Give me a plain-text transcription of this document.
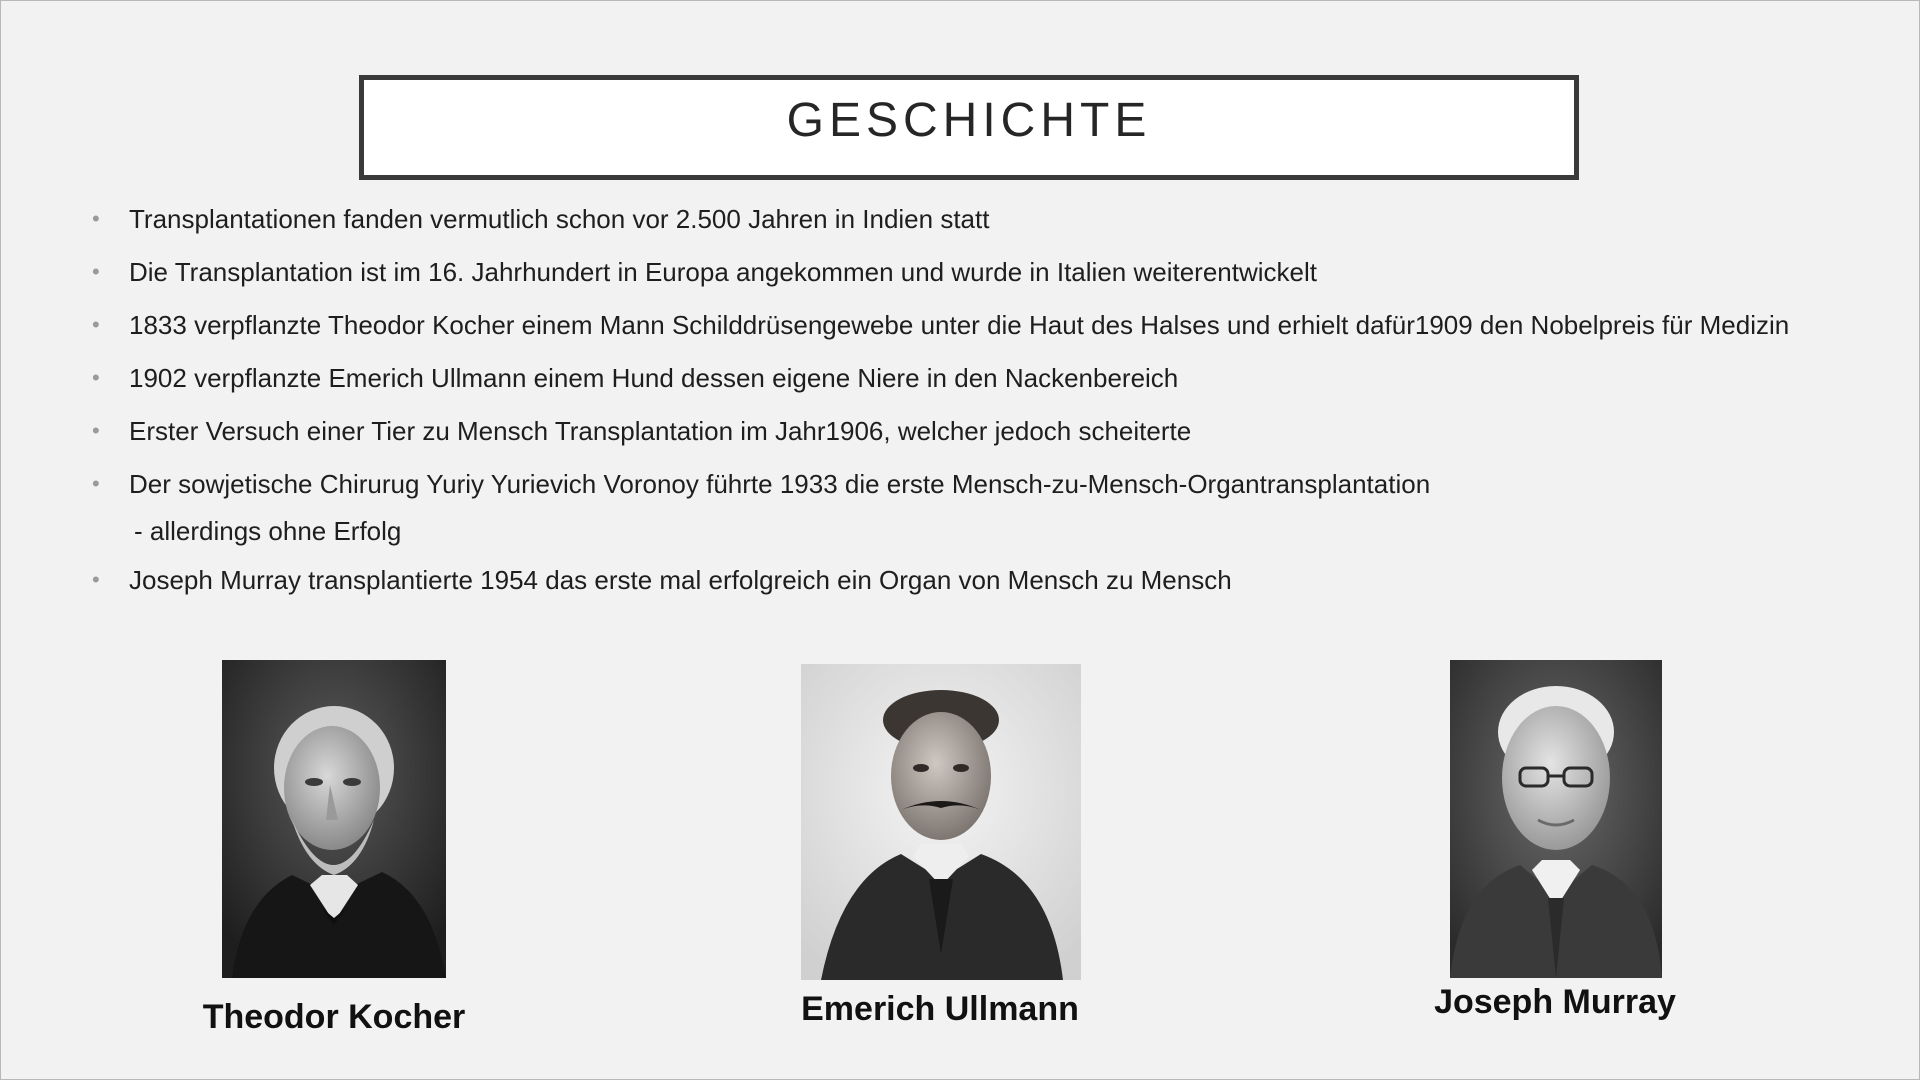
GESCHICHTE
• Transplantationen fanden vermutlich schon vor 2.500 Jahren in Indien statt
• Die Transplantation ist im 16. Jahrhundert in Europa angekommen und wurde in Italien weiterentwickelt
• 1833 verpflanzte Theodor Kocher einem Mann Schilddrüsengewebe unter die Haut des Halses und erhielt dafür1909 den Nobelpreis für Medizin
• 1902 verpflanzte Emerich Ullmann einem Hund dessen eigene Niere in den Nackenbereich
• Erster Versuch einer Tier zu Mensch Transplantation im Jahr1906, welcher jedoch scheiterte
• Der sowjetische Chirurug Yuriy Yurievich Voronoy führte 1933 die erste Mensch-zu-Mensch-Organtransplantation
- allerdings ohne Erfolg
• Joseph Murray transplantierte 1954 das erste mal erfolgreich ein Organ von Mensch zu Mensch
Theodor Kocher	Emerich Ullmann	Joseph Murray
